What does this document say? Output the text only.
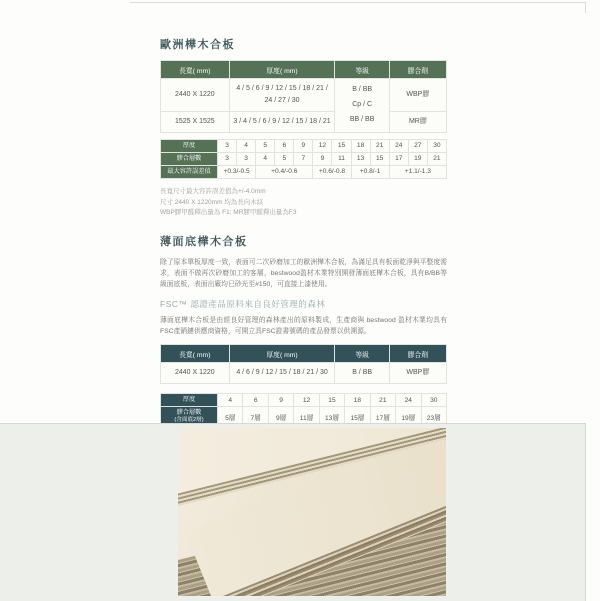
歐洲樺木合板
長寬( mm)	厚度( mm)	等級	膠合劑
2440 X 1220	4 / 5 / 6 / 9 / 12 / 15 / 18 / 21 / 24 / 27 / 30	B / BB
Cp / C
BB / BB	WBP膠
1525 X 1525	3 / 4 / 5 / 6 / 9 / 12 / 15 / 18 / 21		MR膠
厚度	3	4	5	6	9	12	15	18	21	24	27	30
膠合層數	3	3	4	5	7	9	11	13	15	17	19	21
最大容許誤差值	+0.3/-0.5		+0.4/-0.6			+0.6/-0.8		+0.8/-1		+1.1/-1.3		
長寬尺寸最大容許誤差值為+/-4.0mm
尺寸 2440 X 1220mm 均為長向木紋
WBP膠甲醛釋出量為 F1; MR膠甲醛釋出量為F3
薄面底樺木合板

除了原本單板厚度一致，表面可二次砂磨加工的歐洲樺木合板，為滿足具有板面乾淨與平整度需求，表面不做再次砂磨加工的客層，bestwood盈材木業特別開發薄面底樺木合板，具有B/BB等級面底板，表面出廠均已砂光至#150，可直接上漆使用。

FSC™ 認證產品原料來自良好管理的森林

薄面底樺木合板是由經良好管理的森林產出的原料製成，生產商與 bestwood 盈材木業均具有FSC產銷鏈供應商資格，可開立具FSC證書號碼的產品發票以供溯源。

長寬( mm)	厚度( mm)	等級	膠合劑
2440 X 1220	4 / 6 / 9 / 12 / 15 / 18 / 21 / 30	B / BB	WBP膠
厚度	4	6	9	12	15	18	21	24	30
膠合層數
(含面底2層)	5層	7層	9層	11層	13層	15層	17層	19層	23層
